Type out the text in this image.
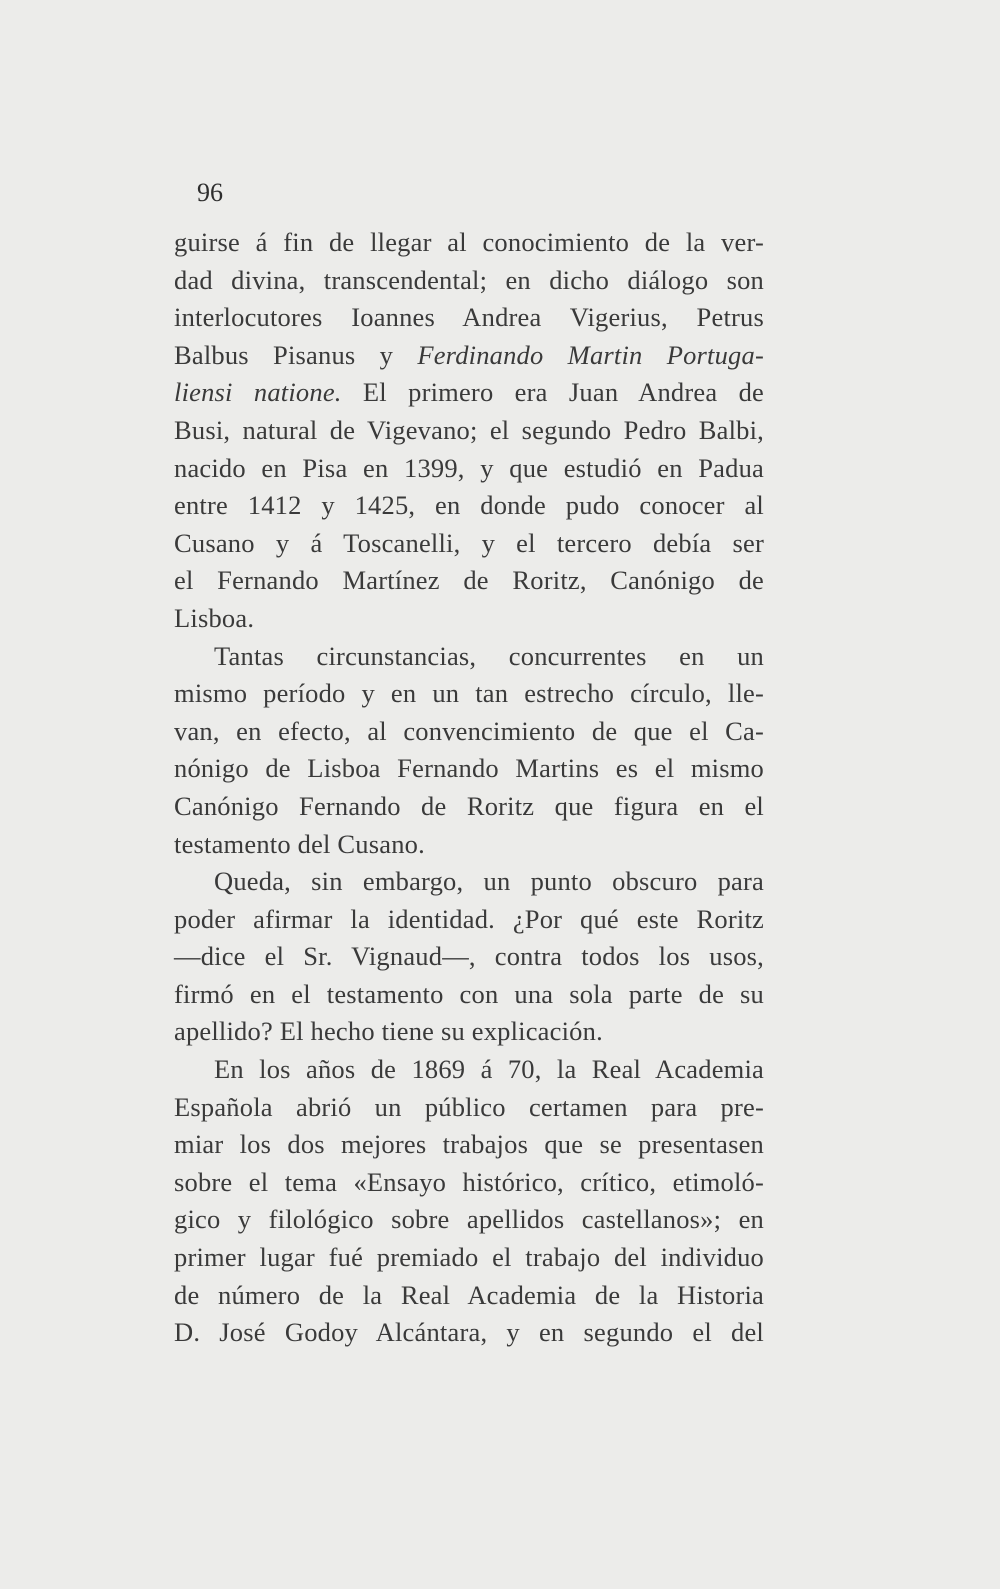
96
guirse á fin de llegar al conocimiento de la ver-
dad divina, transcendental; en dicho diálogo son
interlocutores Ioannes Andrea Vigerius, Petrus
Balbus Pisanus y Ferdinando Martin Portuga-
liensi natione. El primero era Juan Andrea de
Busi, natural de Vigevano; el segundo Pedro Balbi,
nacido en Pisa en 1399, y que estudió en Padua
entre 1412 y 1425, en donde pudo conocer al
Cusano y á Toscanelli, y el tercero debía ser
el Fernando Martínez de Roritz, Canónigo de
Lisboa.
Tantas circunstancias, concurrentes en un
mismo período y en un tan estrecho círculo, lle-
van, en efecto, al convencimiento de que el Ca-
nónigo de Lisboa Fernando Martins es el mismo
Canónigo Fernando de Roritz que figura en el
testamento del Cusano.
Queda, sin embargo, un punto obscuro para
poder afirmar la identidad. ¿Por qué este Roritz
—dice el Sr. Vignaud—, contra todos los usos,
firmó en el testamento con una sola parte de su
apellido? El hecho tiene su explicación.
En los años de 1869 á 70, la Real Academia
Española abrió un público certamen para pre-
miar los dos mejores trabajos que se presentasen
sobre el tema «Ensayo histórico, crítico, etimoló-
gico y filológico sobre apellidos castellanos»; en
primer lugar fué premiado el trabajo del individuo
de número de la Real Academia de la Historia
D. José Godoy Alcántara, y en segundo el del
